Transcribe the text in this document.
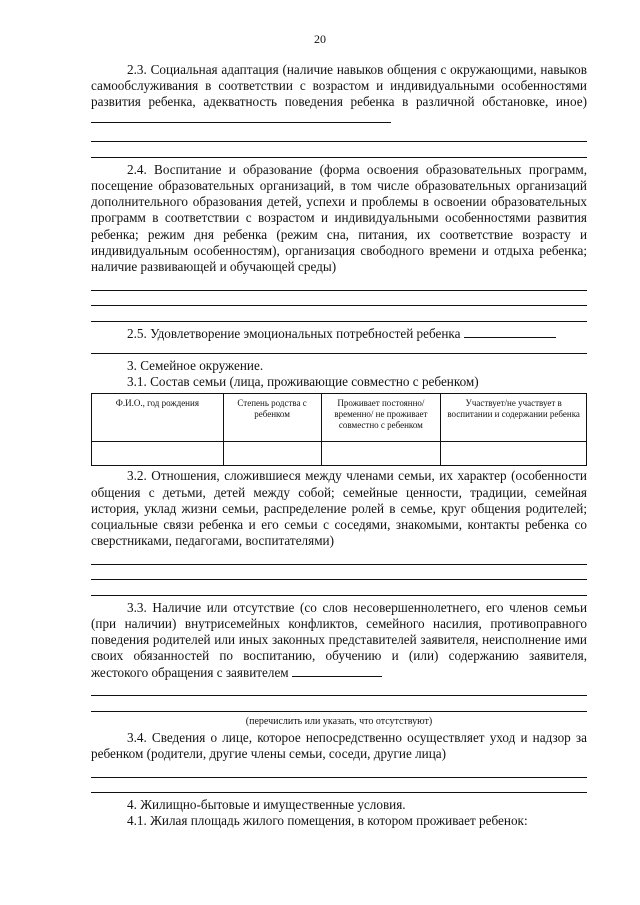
20

2.3. Социальная адаптация (наличие навыков общения с окружающими, навыков самообслуживания в соответствии с возрастом и индивидуальными особенностями развития ребенка, адекватность поведения ребенка в различной обстановке, иное)

2.4. Воспитание и образование (форма освоения образовательных программ, посещение образовательных организаций, в том числе образовательных организаций дополнительного образования детей, успехи и проблемы в освоении образовательных программ в соответствии с возрастом и индивидуальными особенностями развития ребенка; режим дня ребенка (режим сна, питания, их соответствие возрасту и индивидуальным особенностям), организация свободного времени и отдыха ребенка; наличие развивающей и обучающей среды)

2.5. Удовлетворение эмоциональных потребностей ребенка

3. Семейное окружение.

3.1. Состав семьи (лица, проживающие совместно с ребенком)

Ф.И.О., год рождения	Степень родства с ребенком	Проживает постоянно/временно/ не проживает совместно с ребенком	Участвует/не участвует в воспитании и содержании ребенка

3.2. Отношения, сложившиеся между членами семьи, их характер (особенности общения с детьми, детей между собой; семейные ценности, традиции, семейная история, уклад жизни семьи, распределение ролей в семье, круг общения родителей; социальные связи ребенка и его семьи с соседями, знакомыми, контакты ребенка со сверстниками, педагогами, воспитателями)

3.3. Наличие или отсутствие (со слов несовершеннолетнего, его членов семьи (при наличии) внутрисемейных конфликтов, семейного насилия, противоправного поведения родителей или иных законных представителей заявителя, неисполнение ими своих обязанностей по воспитанию, обучению и (или) содержанию заявителя, жестокого обращения с заявителем

(перечислить или указать, что отсутствуют)

3.4. Сведения о лице, которое непосредственно осуществляет уход и надзор за ребенком (родители, другие члены семьи, соседи, другие лица)

4. Жилищно-бытовые и имущественные условия.

4.1. Жилая площадь жилого помещения, в котором проживает ребенок:
